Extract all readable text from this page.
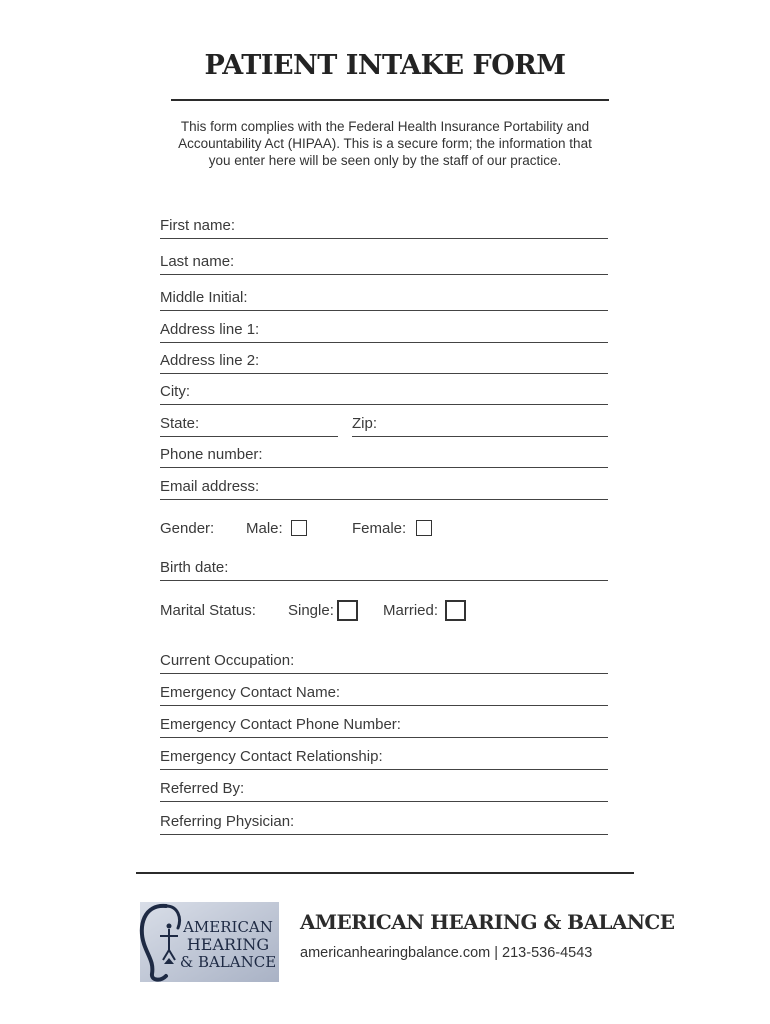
PATIENT INTAKE FORM
This form complies with the Federal Health Insurance Portability and
Accountability Act (HIPAA). This is a secure form; the information that
you enter here will be seen only by the staff of our practice.
First name:
Last name:
Middle Initial:
Address line 1:
Address line 2:
City:
State:	Zip:
Phone number:
Email address:
Gender: Male:	Female:
Birth date:
Marital Status: Single:	Married:
Current Occupation:
Emergency Contact Name:
Emergency Contact Phone Number:
Emergency Contact Relationship:
Referred By:
Referring Physician:
AMERICAN
HEARING
& BALANCE
AMERICAN HEARING & BALANCE
americanhearingbalance.com | 213-536-4543
